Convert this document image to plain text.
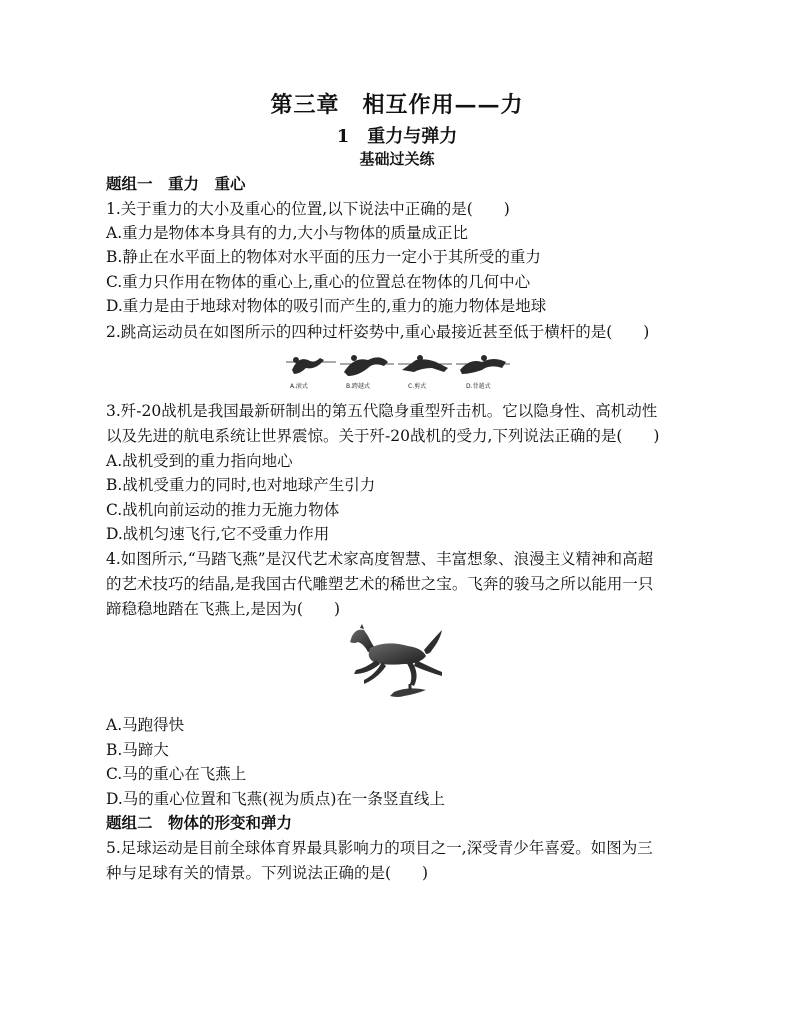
第三章　相互作用——力
1　重力与弹力
基础过关练
题组一　重力　重心
1.关于重力的大小及重心的位置,以下说法中正确的是(　　)
A.重力是物体本身具有的力,大小与物体的质量成正比
B.静止在水平面上的物体对水平面的压力一定小于其所受的重力
C.重力只作用在物体的重心上,重心的位置总在物体的几何中心
D.重力是由于地球对物体的吸引而产生的,重力的施力物体是地球
2.跳高运动员在如图所示的四种过杆姿势中,重心最接近甚至低于横杆的是(　　)
A.滚式	B.跨越式	C.剪式	D.背越式
3.歼-20战机是我国最新研制出的第五代隐身重型歼击机。它以隐身性、高机动性
以及先进的航电系统让世界震惊。关于歼-20战机的受力,下列说法正确的是(　　)
A.战机受到的重力指向地心
B.战机受重力的同时,也对地球产生引力
C.战机向前运动的推力无施力物体
D.战机匀速飞行,它不受重力作用
4.如图所示,“马踏飞燕”是汉代艺术家高度智慧、丰富想象、浪漫主义精神和高超
的艺术技巧的结晶,是我国古代雕塑艺术的稀世之宝。飞奔的骏马之所以能用一只
蹄稳稳地踏在飞燕上,是因为(　　)
A.马跑得快
B.马蹄大
C.马的重心在飞燕上
D.马的重心位置和飞燕(视为质点)在一条竖直线上
题组二　物体的形变和弹力
5.足球运动是目前全球体育界最具影响力的项目之一,深受青少年喜爱。如图为三
种与足球有关的情景。下列说法正确的是(　　)
